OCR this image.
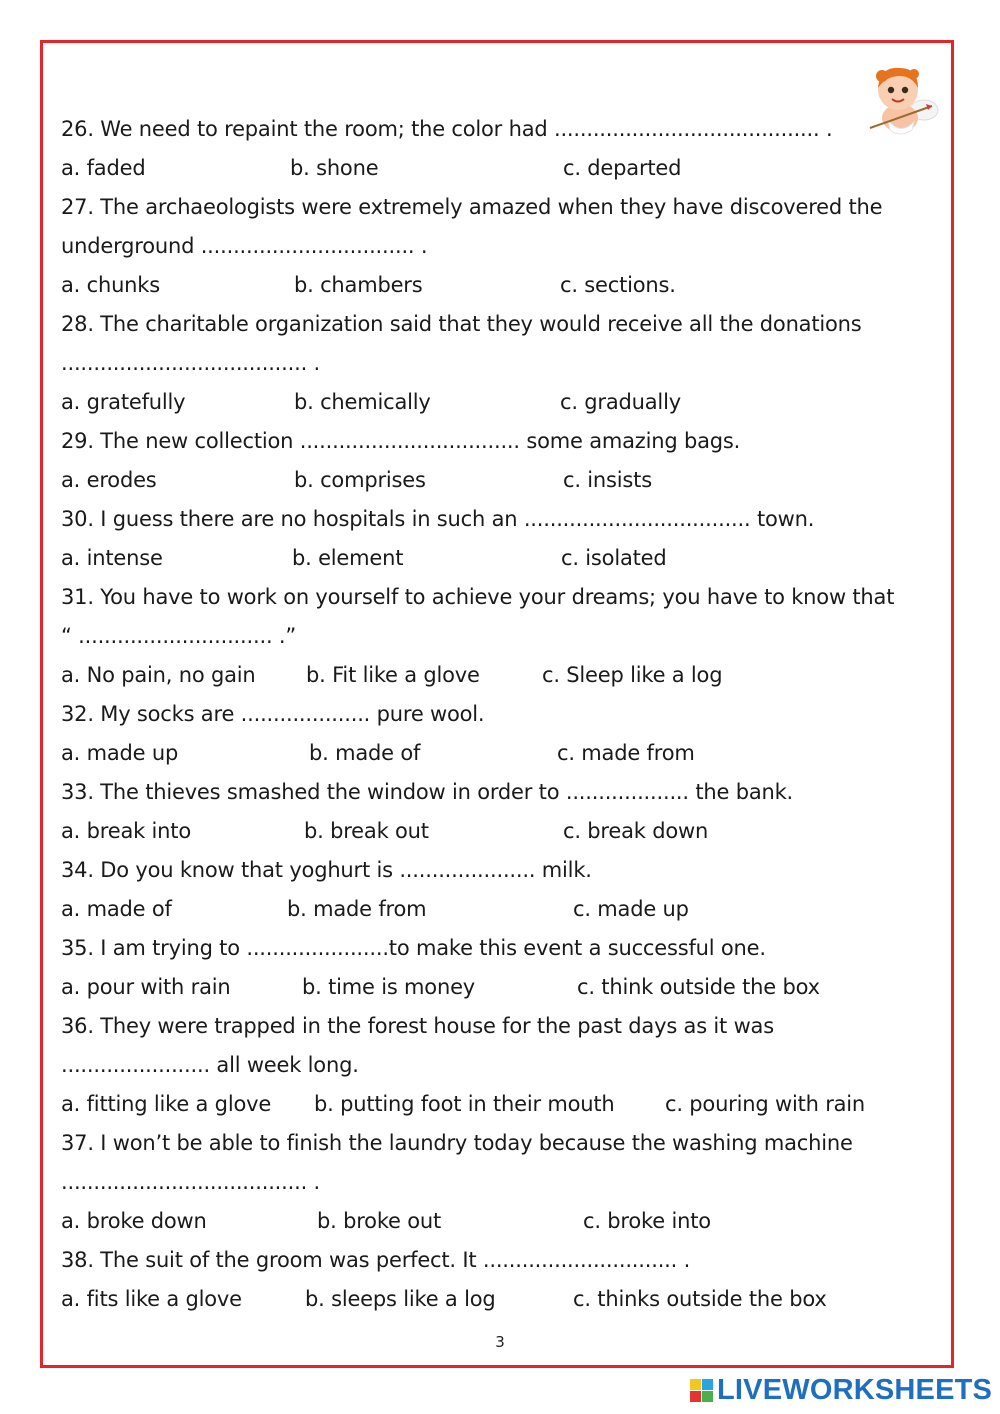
26. We need to repaint the room; the color had ......................................... .
a. faded	b. shone	c. departed
27. The archaeologists were extremely amazed when they have discovered the
underground ................................. .
a. chunks	b. chambers	c. sections.
28. The charitable organization said that they would receive all the donations
...................................... .
a. gratefully	b. chemically	c. gradually
29. The new collection .................................. some amazing bags.
a. erodes	b. comprises	c. insists
30. I guess there are no hospitals in such an ................................... town.
a. intense	b. element	c. isolated
31. You have to work on yourself to achieve your dreams; you have to know that
“ .............................. .”
a. No pain, no gain b. Fit like a glove	c. Sleep like a log
32. My socks are .................... pure wool.
a. made up	b. made of	c. made from
33. The thieves smashed the window in order to ................... the bank.
a. break into	b. break out	c. break down
34. Do you know that yoghurt is ..................... milk.
a. made of	b. made from	c. made up
35. I am trying to ......................to make this event a successful one.
a. pour with rain	b. time is money	c. think outside the box
36. They were trapped in the forest house for the past days as it was
....................... all week long.
a. fitting like a glove b. putting foot in their mouth c. pouring with rain
37. I won’t be able to finish the laundry today because the washing machine
...................................... .
a. broke down	b. broke out	c. broke into
38. The suit of the groom was perfect. It .............................. .
a. fits like a glove	b. sleeps like a log	c. thinks outside the box
3
LIVEWORKSHEETS
